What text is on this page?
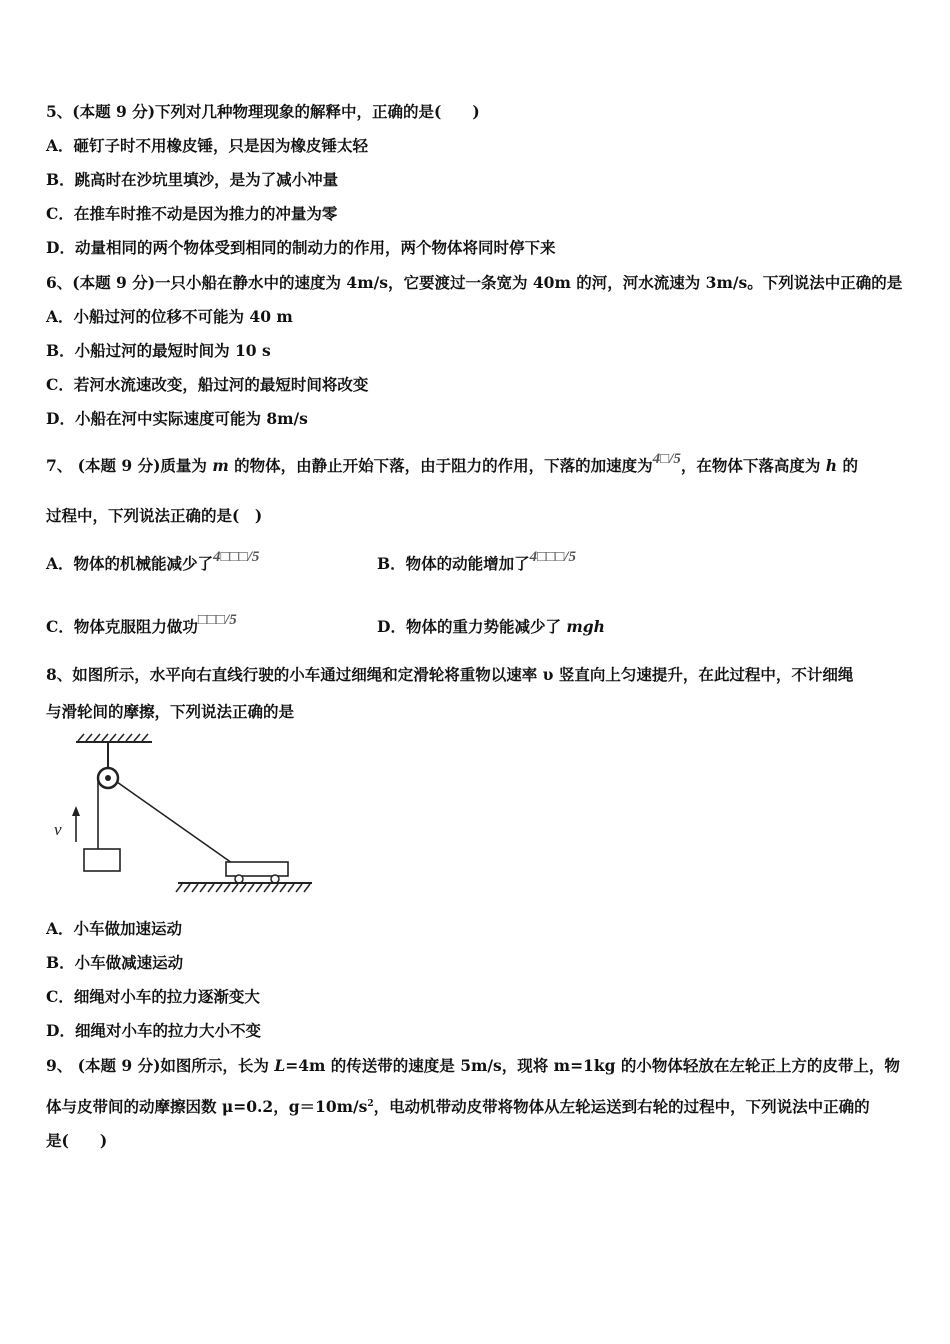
5、(本题 9 分)下列对几种物理现象的解释中，正确的是(　　)
A．砸钉子时不用橡皮锤，只是因为橡皮锤太轻
B．跳高时在沙坑里填沙，是为了减小冲量
C．在推车时推不动是因为推力的冲量为零
D．动量相同的两个物体受到相同的制动力的作用，两个物体将同时停下来
6、(本题 9 分)一只小船在静水中的速度为 4m/s，它要渡过一条宽为 40m 的河，河水流速为 3m/s。下列说法中正确的是
A．小船过河的位移不可能为 40 m
B．小船过河的最短时间为 10 s
C．若河水流速改变，船过河的最短时间将改变
D．小船在河中实际速度可能为 8m/s
7、 (本题 9 分)质量为 m 的物体，由静止开始下落，由于阻力的作用，下落的加速度为4□/5，在物体下落高度为 h 的
过程中，下列说法正确的是(　)
A．物体的机械能减少了4□□□/5	B．物体的动能增加了4□□□/5
C．物体克服阻力做功□□□/5	D．物体的重力势能减少了 mgh
8、如图所示，水平向右直线行驶的小车通过细绳和定滑轮将重物以速率 υ 竖直向上匀速提升，在此过程中，不计细绳
与滑轮间的摩擦，下列说法正确的是
v
A．小车做加速运动
B．小车做减速运动
C．细绳对小车的拉力逐渐变大
D．细绳对小车的拉力大小不变
9、 (本题 9 分)如图所示，长为 L=4m 的传送带的速度是 5m/s，现将 m=1kg 的小物体轻放在左轮正上方的皮带上，物
体与皮带间的动摩擦因数 μ=0.2，$g=10m/s^2$，电动机带动皮带将物体从左轮运送到右轮的过程中，下列说法中正确的
是(　　)
